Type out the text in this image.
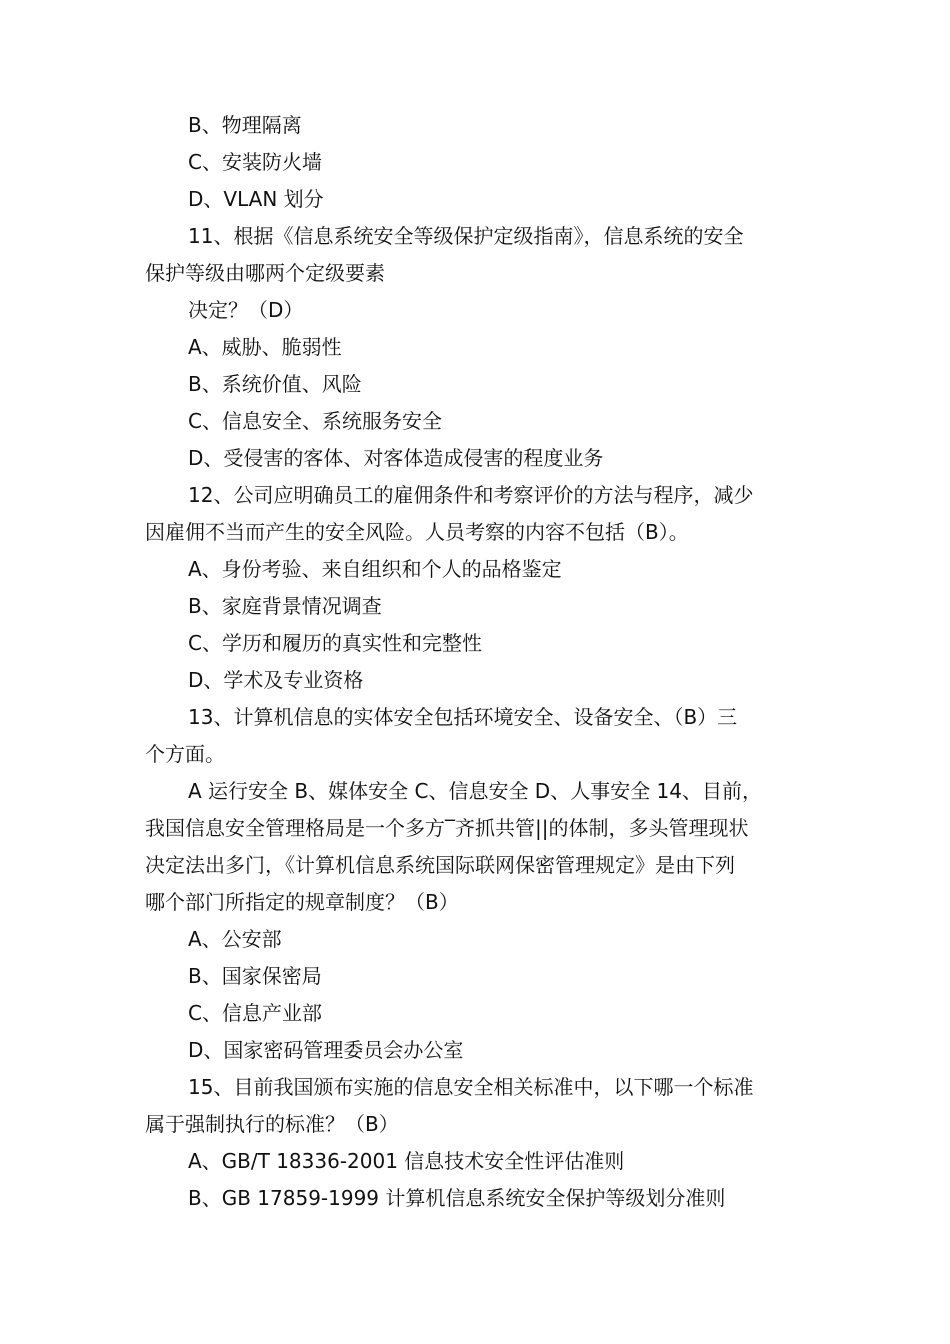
B、物理隔离
C、安装防火墙
D、VLAN 划分
11、根据《信息系统安全等级保护定级指南》，信息系统的安全
保护等级由哪两个定级要素
决定？（D）
A、威胁、脆弱性
B、系统价值、风险
C、信息安全、系统服务安全
D、受侵害的客体、对客体造成侵害的程度业务
12、公司应明确员工的雇佣条件和考察评价的方法与程序，减少
因雇佣不当而产生的安全风险。人员考察的内容不包括（B）。
A、身份考验、来自组织和个人的品格鉴定
B、家庭背景情况调查
C、学历和履历的真实性和完整性
D、学术及专业资格
13、计算机信息的实体安全包括环境安全、设备安全、（B）三
个方面。
A 运行安全 B、媒体安全 C、信息安全 D、人事安全 14、目前，
我国信息安全管理格局是一个多方‾齐抓共管||的体制，多头管理现状
决定法出多门，《计算机信息系统国际联网保密管理规定》是由下列
哪个部门所指定的规章制度？（B）
A、公安部
B、国家保密局
C、信息产业部
D、国家密码管理委员会办公室
15、目前我国颁布实施的信息安全相关标准中，以下哪一个标准
属于强制执行的标准？（B）
A、GB/T 18336-2001 信息技术安全性评估准则
B、GB 17859-1999 计算机信息系统安全保护等级划分准则
